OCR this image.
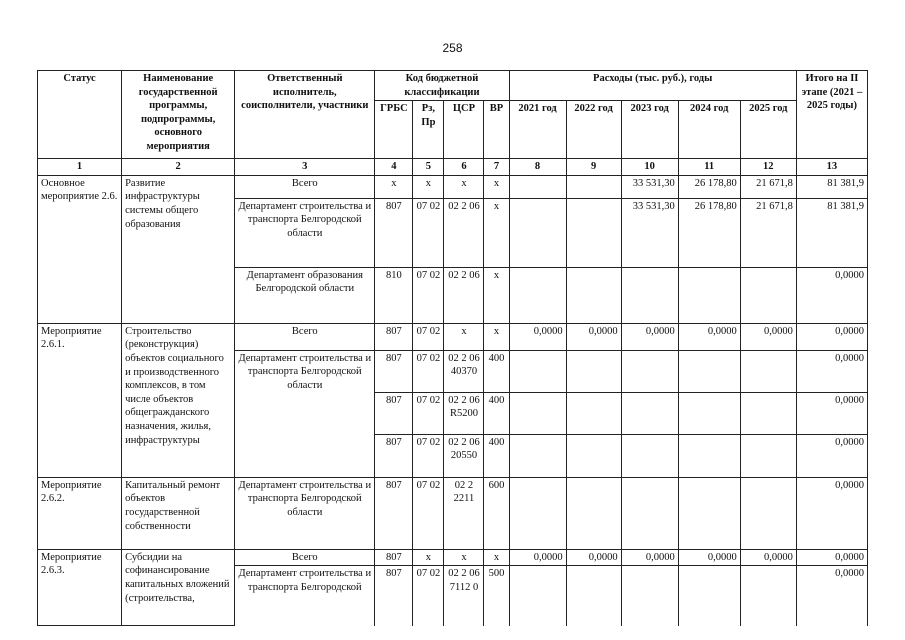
258
Статус	Наименование государственной программы, подпрограммы, основного мероприятия	Ответственный исполнитель, соисполнители, участники	Код бюджетной классификации				Расходы (тыс. руб.), годы					Итого на II этапе (2021 – 2025 годы)
			ГРБС	Рз, Пр	ЦСР	ВР	2021 год	2022 год	2023 год	2024 год	2025 год	
1	2	3	4	5	6	7	8	9	10	11	12	13
Основное мероприятие 2.6.	Развитие инфраструктуры системы общего образования	Всего	х	х	х	х			33 531,30	26 178,80	21 671,8	81 381,9
		Департамент строительства и транспорта Белгородской области	807	07 02	02 2 06	х			33 531,30	26 178,80	21 671,8	81 381,9
		Департамент образования Белгородской области	810	07 02	02 2 06	х						0,0000
Мероприятие 2.6.1.	Строительство (реконструкция) объектов социального и производственного комплексов, в том числе объектов общегражданского назначения, жилья, инфраструктуры	Всего	807	07 02	х	х	0,0000	0,0000	0,0000	0,0000	0,0000	0,0000
		Департамент строительства и транспорта Белгородской области	807	07 02	02 2 06 40370	400						0,0000
			807	07 02	02 2 06 R5200	400						0,0000
			807	07 02	02 2 06 20550	400						0,0000
Мероприятие 2.6.2.	Капитальный ремонт объектов государственной собственности	Департамент строительства и транспорта Белгородской области	807	07 02	02 2 2211	600						0,0000
Мероприятие 2.6.3.	Субсидии на софинансирование капитальных вложений (строительства,	Всего	807	х	х	х	0,0000	0,0000	0,0000	0,0000	0,0000	0,0000
		Департамент строительства и транспорта Белгородской	807	07 02	02 2 06 7112 0	500						0,0000
